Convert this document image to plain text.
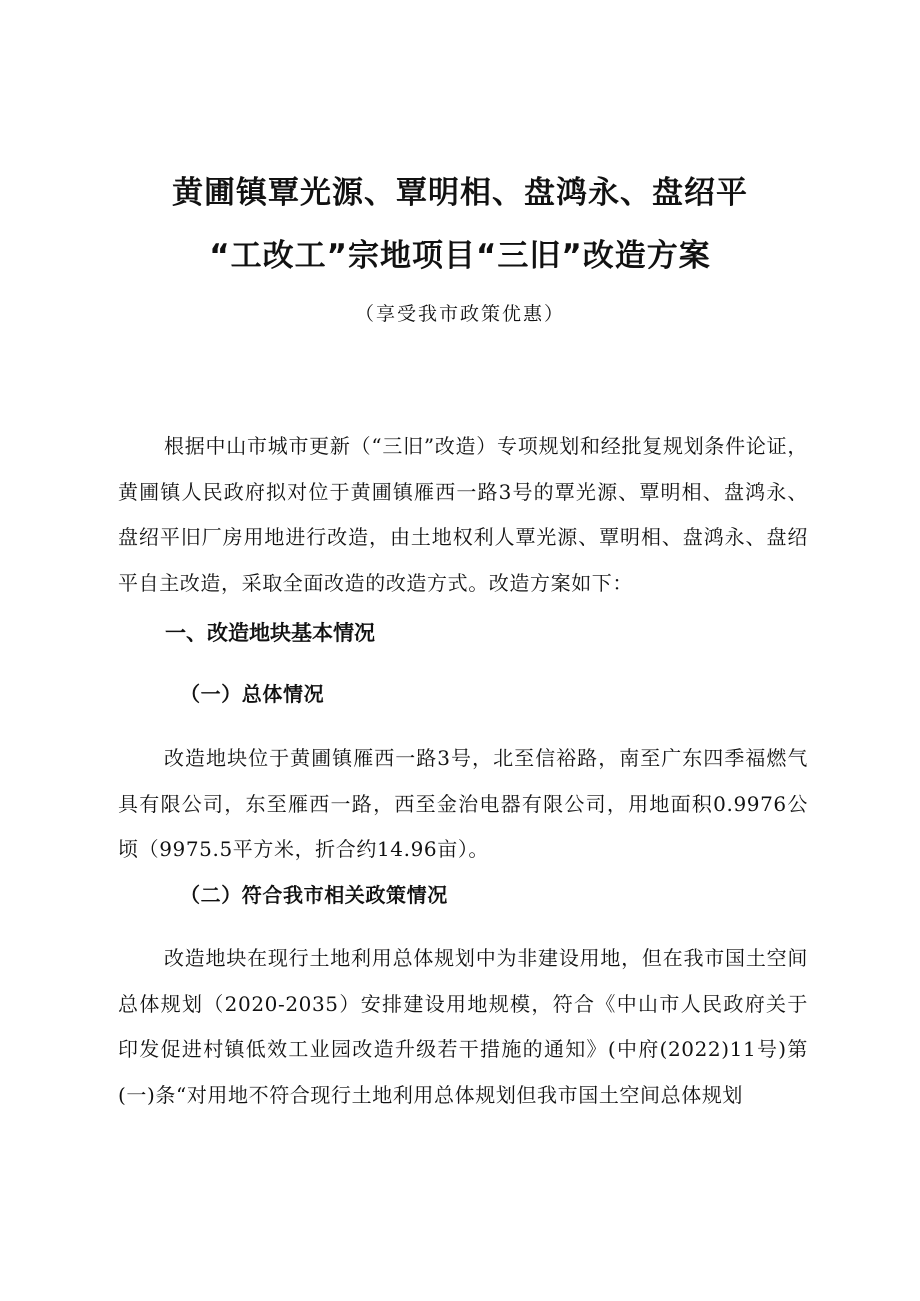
黄圃镇覃光源、覃明相、盘鸿永、盘绍平
“工改工”宗地项目“三旧”改造方案
（享受我市政策优惠）

根据中山市城市更新（“三旧”改造）专项规划和经批复规划条件论证，黄圃镇人民政府拟对位于黄圃镇雁西一路3号的覃光源、覃明相、盘鸿永、盘绍平旧厂房用地进行改造，由土地权利人覃光源、覃明相、盘鸿永、盘绍平自主改造，采取全面改造的改造方式。改造方案如下：

一、改造地块基本情况
（一）总体情况

改造地块位于黄圃镇雁西一路3号，北至信裕路，南至广东四季福燃气具有限公司，东至雁西一路，西至金治电器有限公司，用地面积0.9976公顷（9975.5平方米，折合约14.96亩）。

（二）符合我市相关政策情况

改造地块在现行土地利用总体规划中为非建设用地，但在我市国土空间总体规划（2020-2035）安排建设用地规模，符合《中山市人民政府关于印发促进村镇低效工业园改造升级若干措施的通知》(中府(2022)11号)第(一)条“对用地不符合现行土地利用总体规划但我市国土空间总体规划
